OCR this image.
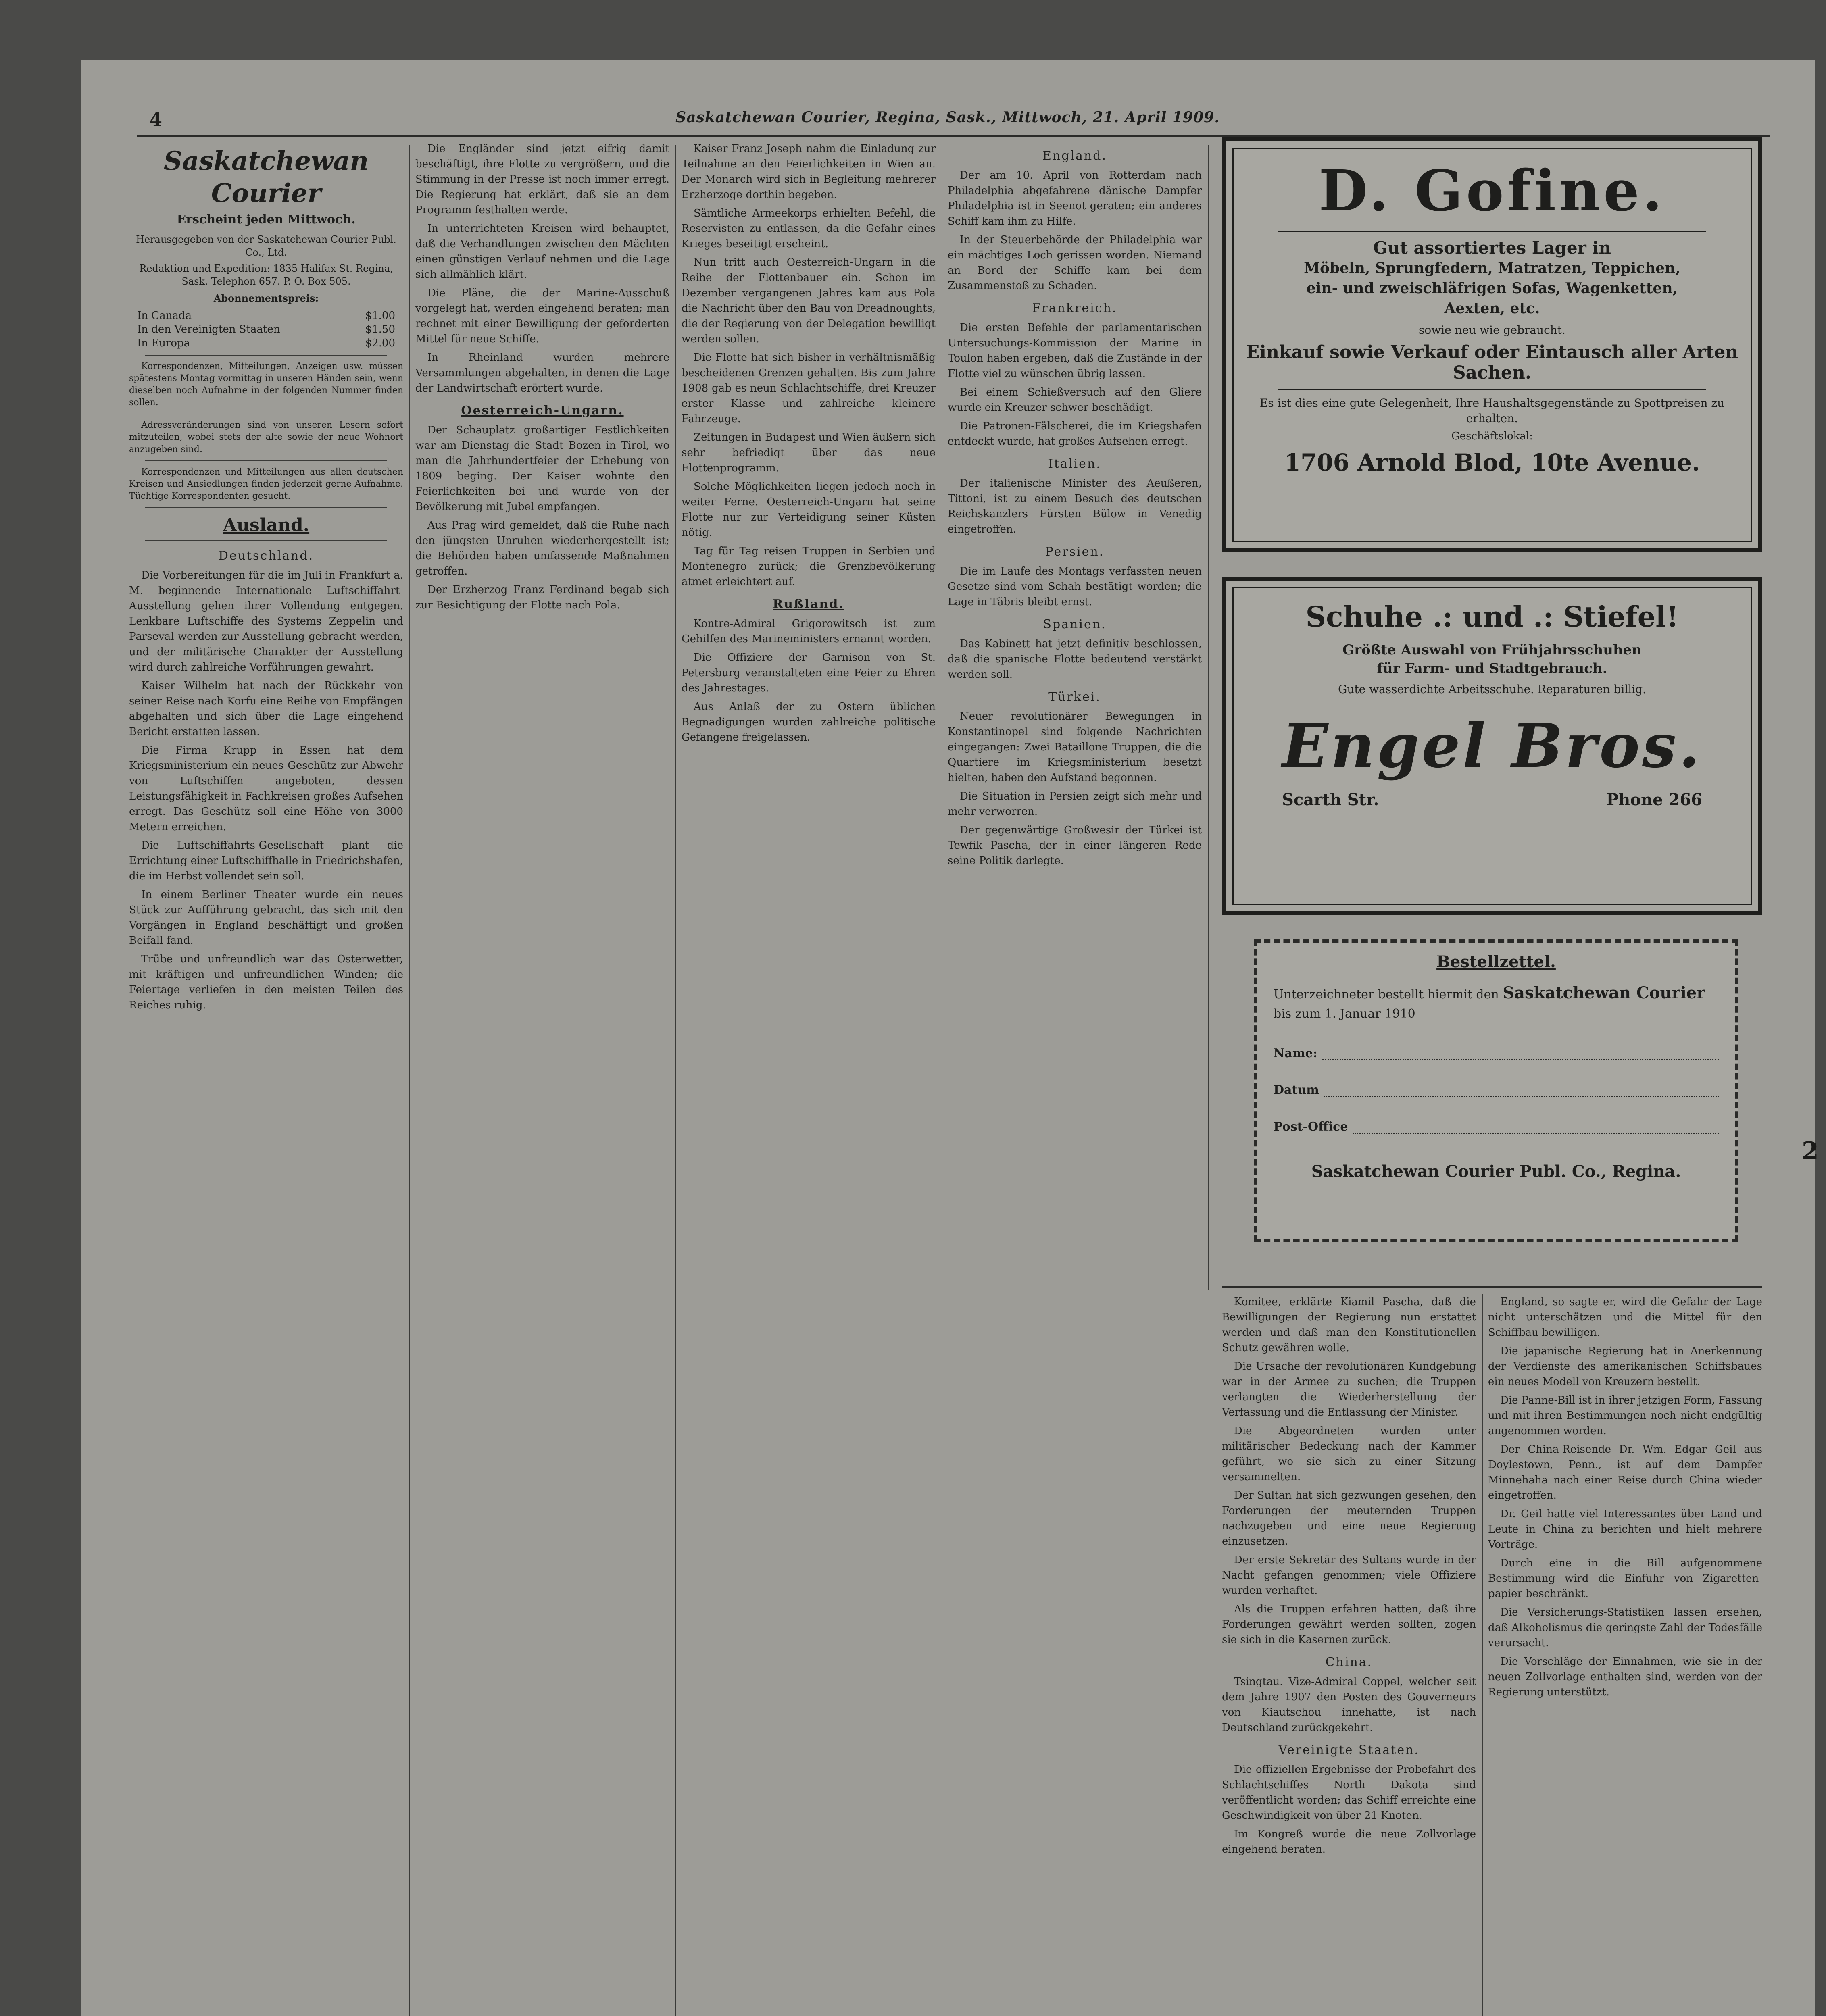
4	Saskatchewan Courier, Regina, Sask., Mittwoch, 21. April 1909.
Saskatchewan Courier
Erscheint jeden Mittwoch.
Herausgegeben von der Saskatchewan Courier Publ. Co., Ltd.
Redaktion und Expedition: 1835 Halifax St. Regina, Sask. Telephon 657. P. O. Box 505.
Abonnementspreis:
In Canada	$1.00
In den Vereinigten Staaten	$1.50
In Europa	$2.00

Korrespondenzen, Mitteilungen, Anzeigen usw. müssen spätestens Montag vormittag in unseren Händen sein, wenn dieselben noch Aufnahme in der folgenden Nummer finden sollen.

Adressveränderungen sind von unseren Lesern sofort mitzuteilen, wobei stets der alte sowie der neue Wohnort anzugeben sind.

Korrespondenzen und Mitteilungen aus allen deutschen Kreisen und Ansiedlungen finden jederzeit gerne Aufnahme. Tüchtige Korrespondenten gesucht.

Ausland.
Deutschland.

Die Vorbereitungen für die im Juli in Frankfurt a. M. beginnende Internationale Luftschiffahrt-Ausstellung gehen ihrer Vollendung entgegen. Lenkbare Luftschiffe des Systems Zeppelin und Parseval werden zur Ausstellung gebracht werden, und der militärische Charakter der Ausstellung wird durch zahlreiche Vorführungen gewahrt.

Kaiser Wilhelm hat nach der Rückkehr von seiner Reise nach Korfu eine Reihe von Empfängen abgehalten und sich über die Lage eingehend Bericht erstatten lassen.

Die Firma Krupp in Essen hat dem Kriegsministerium ein neues Geschütz zur Abwehr von Luftschiffen angeboten, dessen Leistungsfähigkeit in Fachkreisen großes Aufsehen erregt. Das Geschütz soll eine Höhe von 3000 Metern erreichen.

Die Luftschiffahrts-Gesellschaft plant die Errichtung einer Luftschiffhalle in Friedrichshafen, die im Herbst vollendet sein soll.

In einem Berliner Theater wurde ein neues Stück zur Aufführung gebracht, das sich mit den Vorgängen in England beschäftigt und großen Beifall fand.

Trübe und unfreundlich war das Osterwetter, mit kräftigen und unfreundlichen Winden; die Feiertage verliefen in den meisten Teilen des Reiches ruhig.

Die Engländer sind jetzt eifrig damit beschäftigt, ihre Flotte zu vergrößern, und die Stimmung in der Presse ist noch immer erregt. Die Regierung hat erklärt, daß sie an dem Programm festhalten werde.

In unterrichteten Kreisen wird behauptet, daß die Verhandlungen zwischen den Mächten einen günstigen Verlauf nehmen und die Lage sich allmählich klärt.

Die Pläne, die der Marine-Ausschuß vorgelegt hat, werden eingehend beraten; man rechnet mit einer Bewilligung der geforderten Mittel für neue Schiffe.

In Rheinland wurden mehrere Versammlungen abgehalten, in denen die Lage der Landwirtschaft erörtert wurde.

Oesterreich-Ungarn.

Der Schauplatz großartiger Festlichkeiten war am Dienstag die Stadt Bozen in Tirol, wo man die Jahrhundertfeier der Erhebung von 1809 beging. Der Kaiser wohnte den Feierlichkeiten bei und wurde von der Bevölkerung mit Jubel empfangen.

Aus Prag wird gemeldet, daß die Ruhe nach den jüngsten Unruhen wiederhergestellt ist; die Behörden haben umfassende Maßnahmen getroffen.

Der Erzherzog Franz Ferdinand begab sich zur Besichtigung der Flotte nach Pola.

Kaiser Franz Joseph nahm die Einladung zur Teilnahme an den Feierlichkeiten in Wien an. Der Monarch wird sich in Begleitung mehrerer Erzherzoge dorthin begeben.

Sämtliche Armeekorps erhielten Befehl, die Reservisten zu entlassen, da die Gefahr eines Krieges beseitigt erscheint.

Nun tritt auch Oesterreich-Ungarn in die Reihe der Flottenbauer ein. Schon im Dezember vergangenen Jahres kam aus Pola die Nachricht über den Bau von Dreadnoughts, die der Regierung von der Delegation bewilligt werden sollen.

Die Flotte hat sich bisher in verhältnismäßig bescheidenen Grenzen gehalten. Bis zum Jahre 1908 gab es neun Schlachtschiffe, drei Kreuzer erster Klasse und zahlreiche kleinere Fahrzeuge.

Zeitungen in Budapest und Wien äußern sich sehr befriedigt über das neue Flottenprogramm.

Solche Möglichkeiten liegen jedoch noch in weiter Ferne. Oesterreich-Ungarn hat seine Flotte nur zur Verteidigung seiner Küsten nötig.

Tag für Tag reisen Truppen in Serbien und Montenegro zurück; die Grenzbevölkerung atmet erleichtert auf.

Rußland.

Kontre-Admiral Grigorowitsch ist zum Gehilfen des Marineministers ernannt worden.

Die Offiziere der Garnison von St. Petersburg veranstalteten eine Feier zu Ehren des Jahrestages.

Aus Anlaß der zu Ostern üblichen Begnadigungen wurden zahlreiche politische Gefangene freigelassen.

England.

Der am 10. April von Rotterdam nach Philadelphia abgefahrene dänische Dampfer Philadelphia ist in Seenot geraten; ein anderes Schiff kam ihm zu Hilfe.

In der Steuerbehörde der Philadelphia war ein mächtiges Loch gerissen worden. Niemand an Bord der Schiffe kam bei dem Zusammenstoß zu Schaden.

Frankreich.

Die ersten Befehle der parlamentarischen Untersuchungs-Kommission der Marine in Toulon haben ergeben, daß die Zustände in der Flotte viel zu wünschen übrig lassen.

Bei einem Schießversuch auf den Gliere wurde ein Kreuzer schwer beschädigt.

Die Patronen-Fälscherei, die im Kriegshafen entdeckt wurde, hat großes Aufsehen erregt.

Italien.

Der italienische Minister des Aeußeren, Tittoni, ist zu einem Besuch des deutschen Reichskanzlers Fürsten Bülow in Venedig eingetroffen.

Persien.

Die im Laufe des Montags verfassten neuen Gesetze sind vom Schah bestätigt worden; die Lage in Täbris bleibt ernst.

Spanien.

Das Kabinett hat jetzt definitiv beschlossen, daß die spanische Flotte bedeutend verstärkt werden soll.

Türkei.

Neuer revolutionärer Bewegungen in Konstantinopel sind folgende Nachrichten eingegangen: Zwei Bataillone Truppen, die die Quartiere im Kriegsministerium besetzt hielten, haben den Aufstand begonnen.

Die Situation in Persien zeigt sich mehr und mehr verworren.

Der gegenwärtige Großwesir der Türkei ist Tewfik Pascha, der in einer längeren Rede seine Politik darlegte.

D. Gofine.
Gut assortiertes Lager in
Möbeln, Sprungfedern, Matratzen, Teppichen,
ein- und zweischläfrigen Sofas, Wagenketten,
Aexten, etc.
sowie neu wie gebraucht.
Einkauf sowie Verkauf oder Eintausch aller Arten Sachen.
Es ist dies eine gute Gelegenheit, Ihre Haushaltsgegenstände zu Spottpreisen zu erhalten.
Geschäftslokal:
1706 Arnold Blod, 10te Avenue.
Schuhe .: und .: Stiefel!
Größte Auswahl von Frühjahrsschuhen
für Farm- und Stadtgebrauch.
Gute wasserdichte Arbeitsschuhe. Reparaturen billig.
Engel Bros.
Scarth Str.	Phone 266
Bestellzettel.
Unterzeichneter bestellt hiermit den Saskatchewan Courier
bis zum 1. Januar 1910
Name:
Datum
Post-Office
Saskatchewan Courier Publ. Co., Regina.

Komitee, erklärte Kiamil Pascha, daß die Bewilligungen der Regierung nun erstattet werden und daß man den Konstitutionellen Schutz gewähren wolle.

Die Ursache der revolutionären Kundgebung war in der Armee zu suchen; die Truppen verlangten die Wiederherstellung der Verfassung und die Entlassung der Minister.

Die Abgeordneten wurden unter militärischer Bedeckung nach der Kammer geführt, wo sie sich zu einer Sitzung versammelten.

Der Sultan hat sich gezwungen gesehen, den Forderungen der meuternden Truppen nachzugeben und eine neue Regierung einzusetzen.

Der erste Sekretär des Sultans wurde in der Nacht gefangen genommen; viele Offiziere wurden verhaftet.

Als die Truppen erfahren hatten, daß ihre Forderungen gewährt werden sollten, zogen sie sich in die Kasernen zurück.

China.

Tsingtau. Vize-Admiral Coppel, welcher seit dem Jahre 1907 den Posten des Gouverneurs von Kiautschou innehatte, ist nach Deutschland zurückgekehrt.

Vereinigte Staaten.

Die offiziellen Ergebnisse der Probefahrt des Schlachtschiffes North Dakota sind veröffentlicht worden; das Schiff erreichte eine Geschwindigkeit von über 21 Knoten.

Im Kongreß wurde die neue Zollvorlage eingehend beraten.

England, so sagte er, wird die Gefahr der Lage nicht unterschätzen und die Mittel für den Schiffbau bewilligen.

Die japanische Regierung hat in Anerkennung der Verdienste des amerikanischen Schiffsbaues ein neues Modell von Kreuzern bestellt.

Die Panne-Bill ist in ihrer jetzigen Form, Fassung und mit ihren Bestimmungen noch nicht endgültig angenommen worden.

Der China-Reisende Dr. Wm. Edgar Geil aus Doylestown, Penn., ist auf dem Dampfer Minnehaha nach einer Reise durch China wieder eingetroffen.

Dr. Geil hatte viel Interessantes über Land und Leute in China zu berichten und hielt mehrere Vorträge.

Durch eine in die Bill aufgenommene Bestimmung wird die Einfuhr von Zigaretten-papier beschränkt.

Die Versicherungs-Statistiken lassen ersehen, daß Alkoholismus die geringste Zahl der Todesfälle verursacht.

Die Vorschläge der Einnahmen, wie sie in der neuen Zollvorlage enthalten sind, werden von der Regierung unterstützt.

2
